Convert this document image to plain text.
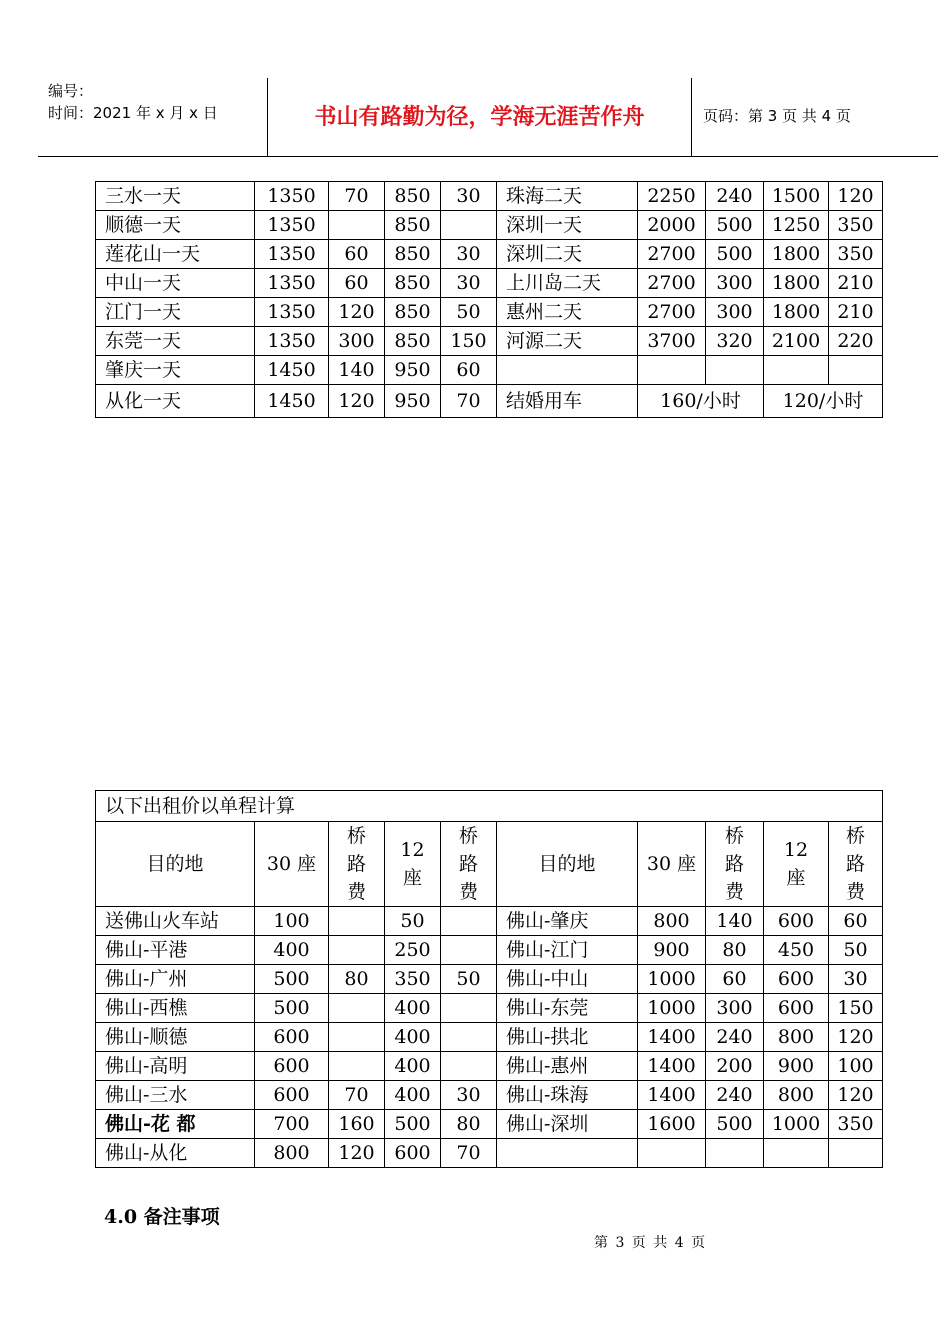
编号：
时间：2021 年 x 月 x 日	书山有路勤为径，学海无涯苦作舟	页码：第 3 页 共 4 页
三水一天	1350	70	850	30	珠海二天	2250	240	1500	120
顺德一天	1350		850		深圳一天	2000	500	1250	350
莲花山一天	1350	60	850	30	深圳二天	2700	500	1800	350
中山一天	1350	60	850	30	上川岛二天	2700	300	1800	210
江门一天	1350	120	850	50	惠州二天	2700	300	1800	210
东莞一天	1350	300	850	150	河源二天	3700	320	2100	220
肇庆一天	1450	140	950	60					
从化一天	1450	120	950	70	结婚用车	160/小时		120/小时	
以下出租价以单程计算									
目的地	30 座	桥路费	12 座	桥路费	目的地	30 座	桥路费	12 座	桥路费
送佛山火车站	100		50		佛山-肇庆	800	140	600	60
佛山-平港	400		250		佛山-江门	900	80	450	50
佛山-广州	500	80	350	50	佛山-中山	1000	60	600	30
佛山-西樵	500		400		佛山-东莞	1000	300	600	150
佛山-顺德	600		400		佛山-拱北	1400	240	800	120
佛山-高明	600		400		佛山-惠州	1400	200	900	100
佛山-三水	600	70	400	30	佛山-珠海	1400	240	800	120
佛山-花 都	700	160	500	80	佛山-深圳	1600	500	1000	350
佛山-从化	800	120	600	70					
4.0 备注事项
第 3 页 共 4 页
